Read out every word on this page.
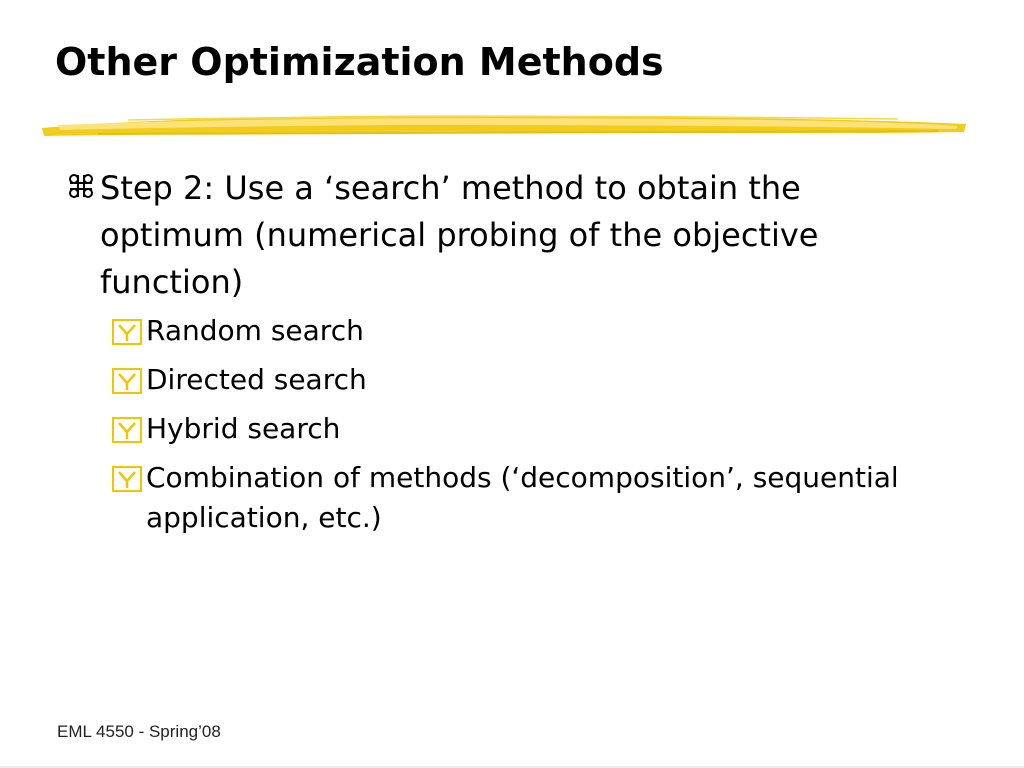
Other Optimization Methods
Step 2: Use a ‘search’ method to obtain the optimum (numerical probing of the objective function)
Random search
Directed search
Hybrid search
Combination of methods (‘decomposition’, sequential application, etc.)
EML 4550 - Spring’08
